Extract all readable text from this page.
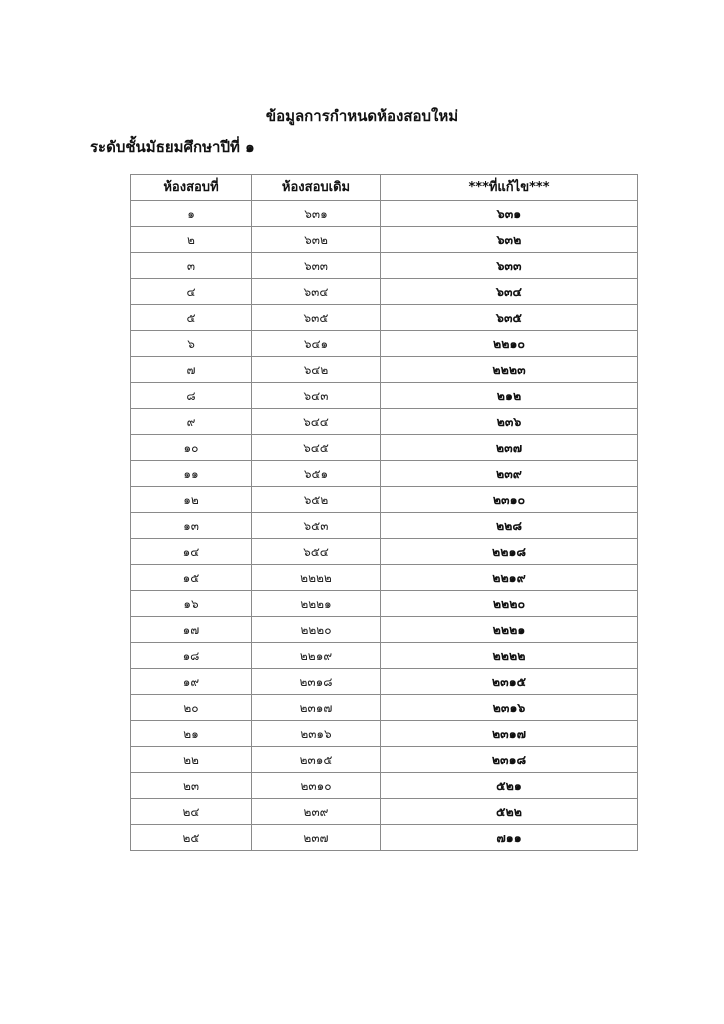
ข้อมูลการกำหนดห้องสอบใหม่
ระดับชั้นมัธยมศึกษาปีที่ ๑
ห้องสอบที่	ห้องสอบเดิม	***ที่แก้ไข***
๑	๖๓๑	๖๓๑
๒	๖๓๒	๖๓๒
๓	๖๓๓	๖๓๓
๔	๖๓๔	๖๓๔
๕	๖๓๕	๖๓๕
๖	๖๔๑	๒๒๑๐
๗	๖๔๒	๒๒๒๓
๘	๖๔๓	๒๑๒
๙	๖๔๔	๒๓๖
๑๐	๖๔๕	๒๓๗
๑๑	๖๕๑	๒๓๙
๑๒	๖๕๒	๒๓๑๐
๑๓	๖๕๓	๒๒๘
๑๔	๖๕๔	๒๒๑๘
๑๕	๒๒๒๒	๒๒๑๙
๑๖	๒๒๒๑	๒๒๒๐
๑๗	๒๒๒๐	๒๒๒๑
๑๘	๒๒๑๙	๒๒๒๒
๑๙	๒๓๑๘	๒๓๑๕
๒๐	๒๓๑๗	๒๓๑๖
๒๑	๒๓๑๖	๒๓๑๗
๒๒	๒๓๑๕	๒๓๑๘
๒๓	๒๓๑๐	๕๒๑
๒๔	๒๓๙	๕๒๒
๒๕	๒๓๗	๗๑๑
